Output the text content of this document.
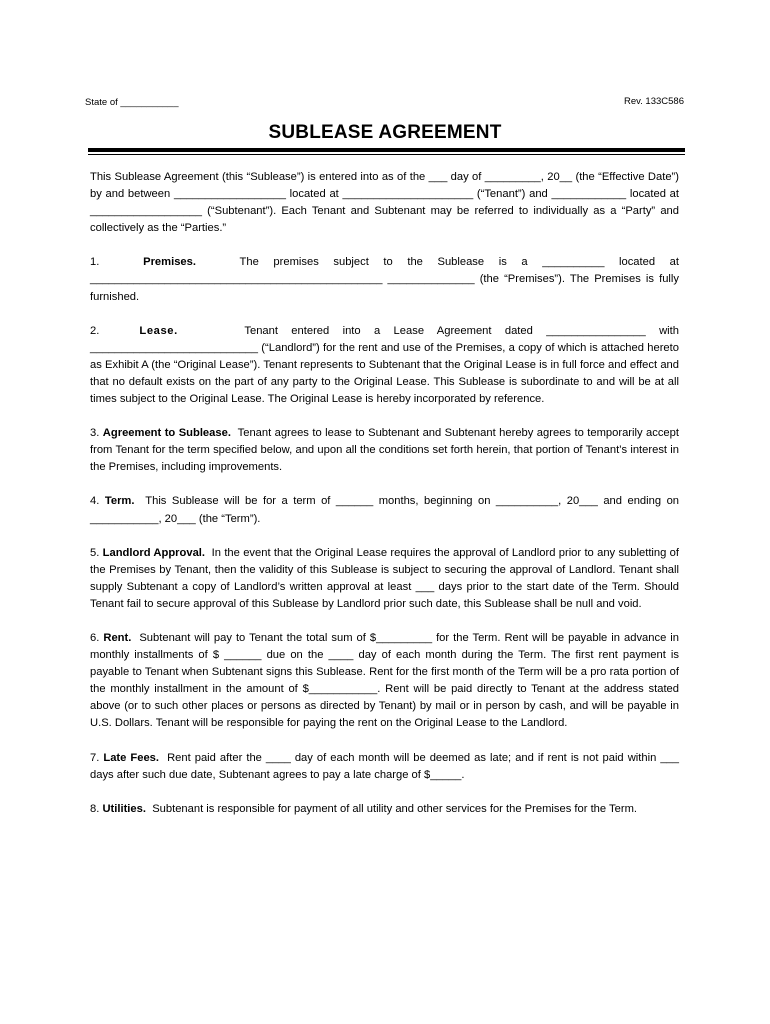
State of ___________	Rev. 133C586
SUBLEASE AGREEMENT

This Sublease Agreement (this “Sublease”) is entered into as of the ___ day of _________, 20__ (the “Effective Date”) by and between __________________ located at _____________________ (“Tenant”) and ____________ located at __________________ (“Subtenant”). Each Tenant and Subtenant may be referred to individually as a “Party” and collectively as the “Parties.”

1.	Premises.	The premises subject to the Sublease is a __________ located at _______________________________________________ ______________ (the “Premises”). The Premises is fully furnished.

2.	Lease.	Tenant entered into a Lease Agreement dated ________________ with ___________________________ (“Landlord”) for the rent and use of the Premises, a copy of which is attached hereto as Exhibit A (the “Original Lease”). Tenant represents to Subtenant that the Original Lease is in full force and effect and that no default exists on the part of any party to the Original Lease. This Sublease is subordinate to and will be at all times subject to the Original Lease. The Original Lease is hereby incorporated by reference.

3. Agreement to Sublease. Tenant agrees to lease to Subtenant and Subtenant hereby agrees to temporarily accept from Tenant for the term specified below, and upon all the conditions set forth herein, that portion of Tenant’s interest in the Premises, including improvements.

4. Term. This Sublease will be for a term of ______ months, beginning on __________, 20___ and ending on ___________, 20___ (the “Term”).

5. Landlord Approval. In the event that the Original Lease requires the approval of Landlord prior to any subletting of the Premises by Tenant, then the validity of this Sublease is subject to securing the approval of Landlord. Tenant shall supply Subtenant a copy of Landlord’s written approval at least ___ days prior to the start date of the Term. Should Tenant fail to secure approval of this Sublease by Landlord prior such date, this Sublease shall be null and void.

6. Rent. Subtenant will pay to Tenant the total sum of $_________ for the Term. Rent will be payable in advance in monthly installments of $ ______ due on the ____ day of each month during the Term. The first rent payment is payable to Tenant when Subtenant signs this Sublease. Rent for the first month of the Term will be a pro rata portion of the monthly installment in the amount of $___________. Rent will be paid directly to Tenant at the address stated above (or to such other places or persons as directed by Tenant) by mail or in person by cash, and will be payable in U.S. Dollars. Tenant will be responsible for paying the rent on the Original Lease to the Landlord.

7. Late Fees. Rent paid after the ____ day of each month will be deemed as late; and if rent is not paid within ___ days after such due date, Subtenant agrees to pay a late charge of $_____.

8. Utilities. Subtenant is responsible for payment of all utility and other services for the Premises for the Term.
